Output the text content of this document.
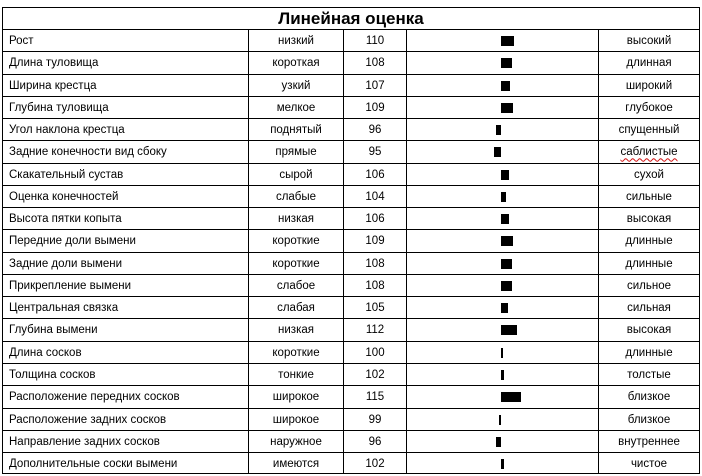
Линейная оценка
Рост	низкий	110	высокий
Длина туловища	короткая	108	длинная
Ширина крестца	узкий	107	широкий
Глубина туловища	мелкое	109	глубокое
Угол наклона крестца	поднятый	96	спущенный
Задние конечности вид сбоку	прямые	95	саблистые
Скакательный сустав	сырой	106	сухой
Оценка конечностей	слабые	104	сильные
Высота пятки копыта	низкая	106	высокая
Передние доли вымени	короткие	109	длинные
Задние доли вымени	короткие	108	длинные
Прикрепление вымени	слабое	108	сильное
Центральная связка	слабая	105	сильная
Глубина вымени	низкая	112	высокая
Длина сосков	короткие	100	длинные
Толщина сосков	тонкие	102	толстые
Расположение передних сосков	широкое	115	близкое
Расположение задних сосков	широкое	99	близкое
Направление задних сосков	наружное	96	внутреннее
Дополнительные соски вымени	имеются	102	чистое
